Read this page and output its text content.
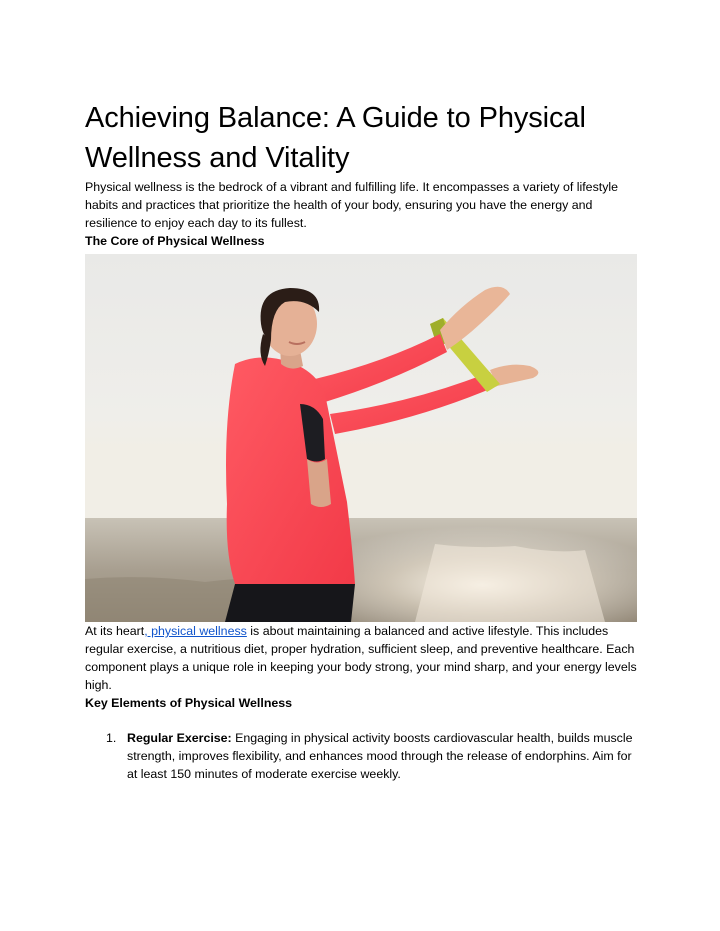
Achieving Balance: A Guide to Physical Wellness and Vitality

Physical wellness is the bedrock of a vibrant and fulfilling life. It encompasses a variety of lifestyle habits and practices that prioritize the health of your body, ensuring you have the energy and resilience to enjoy each day to its fullest.

The Core of Physical Wellness

At its heart, physical wellness is about maintaining a balanced and active lifestyle. This includes regular exercise, a nutritious diet, proper hydration, sufficient sleep, and preventive healthcare. Each component plays a unique role in keeping your body strong, your mind sharp, and your energy levels high.

Key Elements of Physical Wellness
1. Regular Exercise: Engaging in physical activity boosts cardiovascular health, builds muscle strength, improves flexibility, and enhances mood through the release of endorphins. Aim for at least 150 minutes of moderate exercise weekly.
